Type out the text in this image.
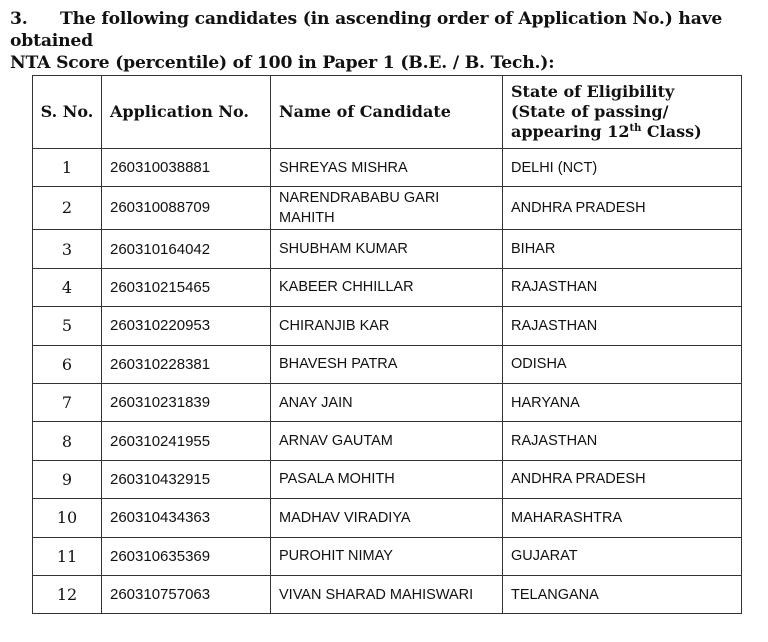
3. The following candidates (in ascending order of Application No.) have obtained
NTA Score (percentile) of 100 in Paper 1 (B.E. / B. Tech.):
S. No.	Application No.	Name of Candidate	State of Eligibility
(State of passing/
appearing 12th Class)
1	260310038881	SHREYAS MISHRA	DELHI (NCT)
2	260310088709	NARENDRABABU GARI MAHITH	ANDHRA PRADESH
3	260310164042	SHUBHAM KUMAR	BIHAR
4	260310215465	KABEER CHHILLAR	RAJASTHAN
5	260310220953	CHIRANJIB KAR	RAJASTHAN
6	260310228381	BHAVESH PATRA	ODISHA
7	260310231839	ANAY JAIN	HARYANA
8	260310241955	ARNAV GAUTAM	RAJASTHAN
9	260310432915	PASALA MOHITH	ANDHRA PRADESH
10	260310434363	MADHAV VIRADIYA	MAHARASHTRA
11	260310635369	PUROHIT NIMAY	GUJARAT
12	260310757063	VIVAN SHARAD MAHISWARI	TELANGANA
